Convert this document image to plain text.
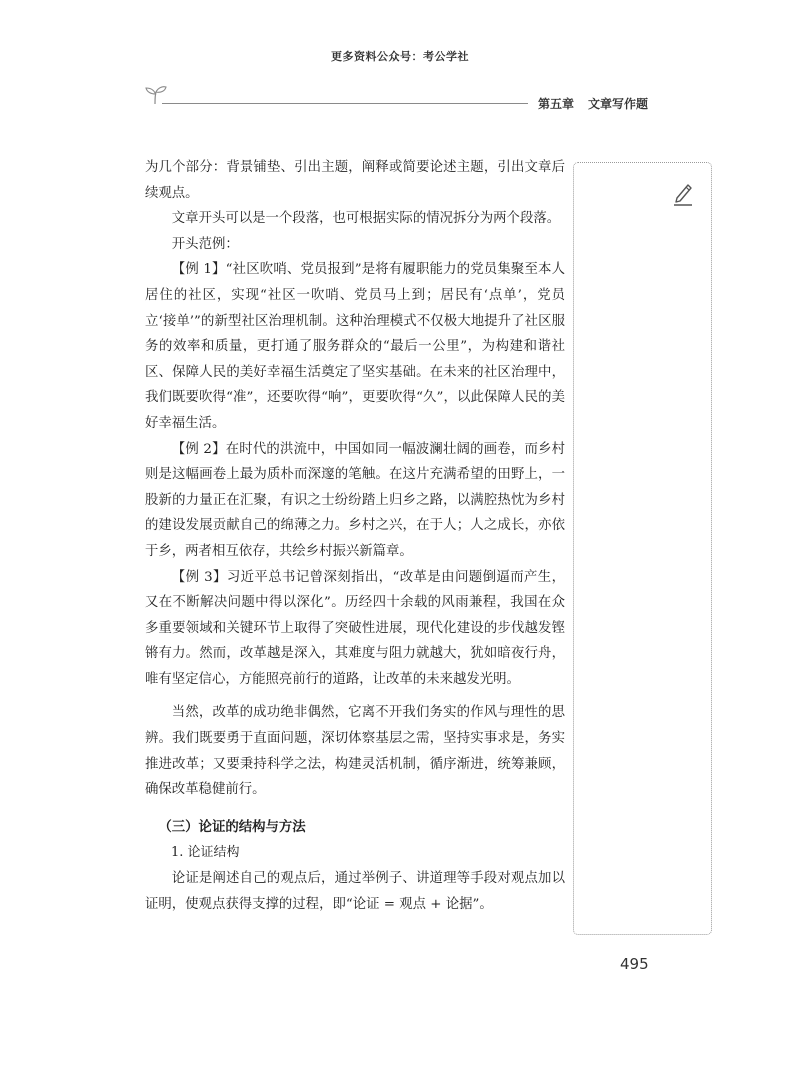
更多资料公众号：考公学社
第五章 文章写作题

为几个部分：背景铺垫、引出主题，阐释或简要论述主题，引出文章后续观点。

文章开头可以是一个段落，也可根据实际的情况拆分为两个段落。

开头范例：

【例 1】“社区吹哨、党员报到”是将有履职能力的党员集聚至本人居住的社区，实现“社区一吹哨、党员马上到；居民有‘点单’，党员立‘接单’”的新型社区治理机制。这种治理模式不仅极大地提升了社区服务的效率和质量，更打通了服务群众的“最后一公里”，为构建和谐社区、保障人民的美好幸福生活奠定了坚实基础。在未来的社区治理中，我们既要吹得“准”，还要吹得“响”，更要吹得“久”，以此保障人民的美好幸福生活。

【例 2】在时代的洪流中，中国如同一幅波澜壮阔的画卷，而乡村则是这幅画卷上最为质朴而深邃的笔触。在这片充满希望的田野上，一股新的力量正在汇聚，有识之士纷纷踏上归乡之路，以满腔热忱为乡村的建设发展贡献自己的绵薄之力。乡村之兴，在于人；人之成长，亦依于乡，两者相互依存，共绘乡村振兴新篇章。

【例 3】习近平总书记曾深刻指出，“改革是由问题倒逼而产生，又在不断解决问题中得以深化”。历经四十余载的风雨兼程，我国在众多重要领域和关键环节上取得了突破性进展，现代化建设的步伐越发铿锵有力。然而，改革越是深入，其难度与阻力就越大，犹如暗夜行舟，唯有坚定信心，方能照亮前行的道路，让改革的未来越发光明。

当然，改革的成功绝非偶然，它离不开我们务实的作风与理性的思辨。我们既要勇于直面问题，深切体察基层之需，坚持实事求是，务实推进改革；又要秉持科学之法，构建灵活机制，循序渐进，统筹兼顾，确保改革稳健前行。

（三）论证的结构与方法
1. 论证结构

论证是阐述自己的观点后，通过举例子、讲道理等手段对观点加以证明，使观点获得支撑的过程，即“论证 = 观点 + 论据”。

495
